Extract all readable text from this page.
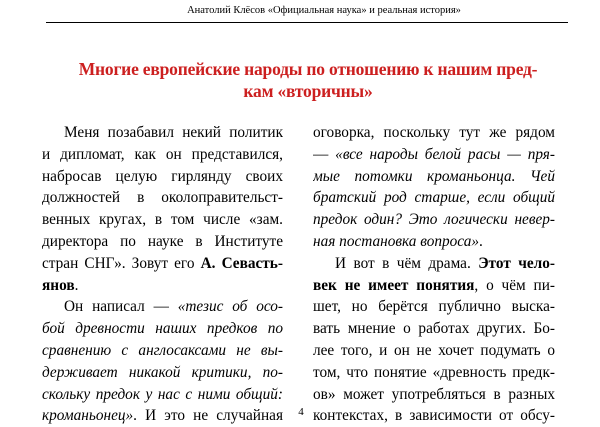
Анатолий Клёсов «Официальная наука» и реальная история»
Многие европейские народы по отношению к нашим пред-
кам «вторичны»
Меня позабавил некий политик
и дипломат, как он представился,
набросав целую гирлянду своих
должностей в околоправительст-
венных кругах, в том числе «зам.
директора по науке в Институте
стран СНГ». Зовут его А. Севасть-
янов.
Он написал — «тезис об осо-
бой древности наших предков по
сравнению с англосаксами не вы-
держивает никакой критики, по-
скольку предок у нас с ними общий:
кроманьонец». И это не случайная
оговорка, поскольку тут же рядом
— «все народы белой расы — пря-
мые потомки кроманьонца. Чей
братский род старше, если общий
предок один? Это логически невер-
ная постановка вопроса».
И вот в чём драма. Этот чело-
век не имеет понятия, о чём пи-
шет, но берётся публично выска-
вать мнение о работах других. Бо-
лее того, и он не хочет подумать о
том, что понятие «древность предк-
ов» может употребляться в разных
контекстах, в зависимости от обсу-
4
